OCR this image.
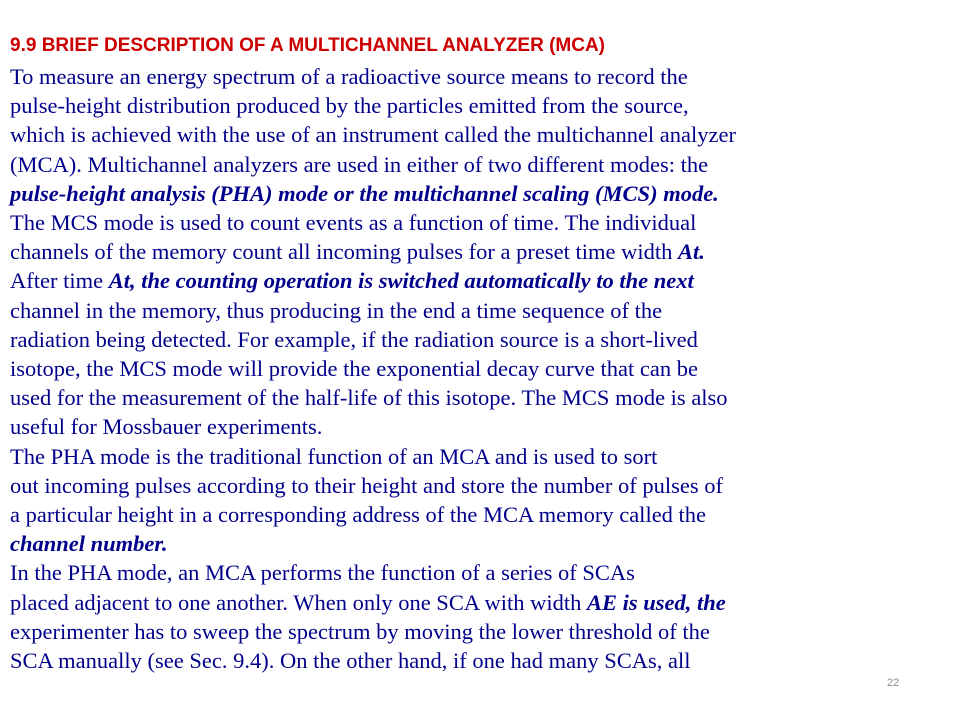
9.9 BRIEF DESCRIPTION OF A MULTICHANNEL ANALYZER (MCA)
To measure an energy spectrum of a radioactive source means to record the
pulse-height distribution produced by the particles emitted from the source,
which is achieved with the use of an instrument called the multichannel analyzer
(MCA). Multichannel analyzers are used in either of two different modes: the
pulse-height analysis (PHA) mode or the multichannel scaling (MCS) mode.
The MCS mode is used to count events as a function of time. The individual
channels of the memory count all incoming pulses for a preset time width At.
After time At, the counting operation is switched automatically to the next
channel in the memory, thus producing in the end a time sequence of the
radiation being detected. For example, if the radiation source is a short-lived
isotope, the MCS mode will provide the exponential decay curve that can be
used for the measurement of the half-life of this isotope. The MCS mode is also
useful for Mossbauer experiments.
The PHA mode is the traditional function of an MCA and is used to sort
out incoming pulses according to their height and store the number of pulses of
a particular height in a corresponding address of the MCA memory called the
channel number.
In the PHA mode, an MCA performs the function of a series of SCAs
placed adjacent to one another. When only one SCA with width AE is used, the
experimenter has to sweep the spectrum by moving the lower threshold of the
SCA manually (see Sec. 9.4). On the other hand, if one had many SCAs, all
22
